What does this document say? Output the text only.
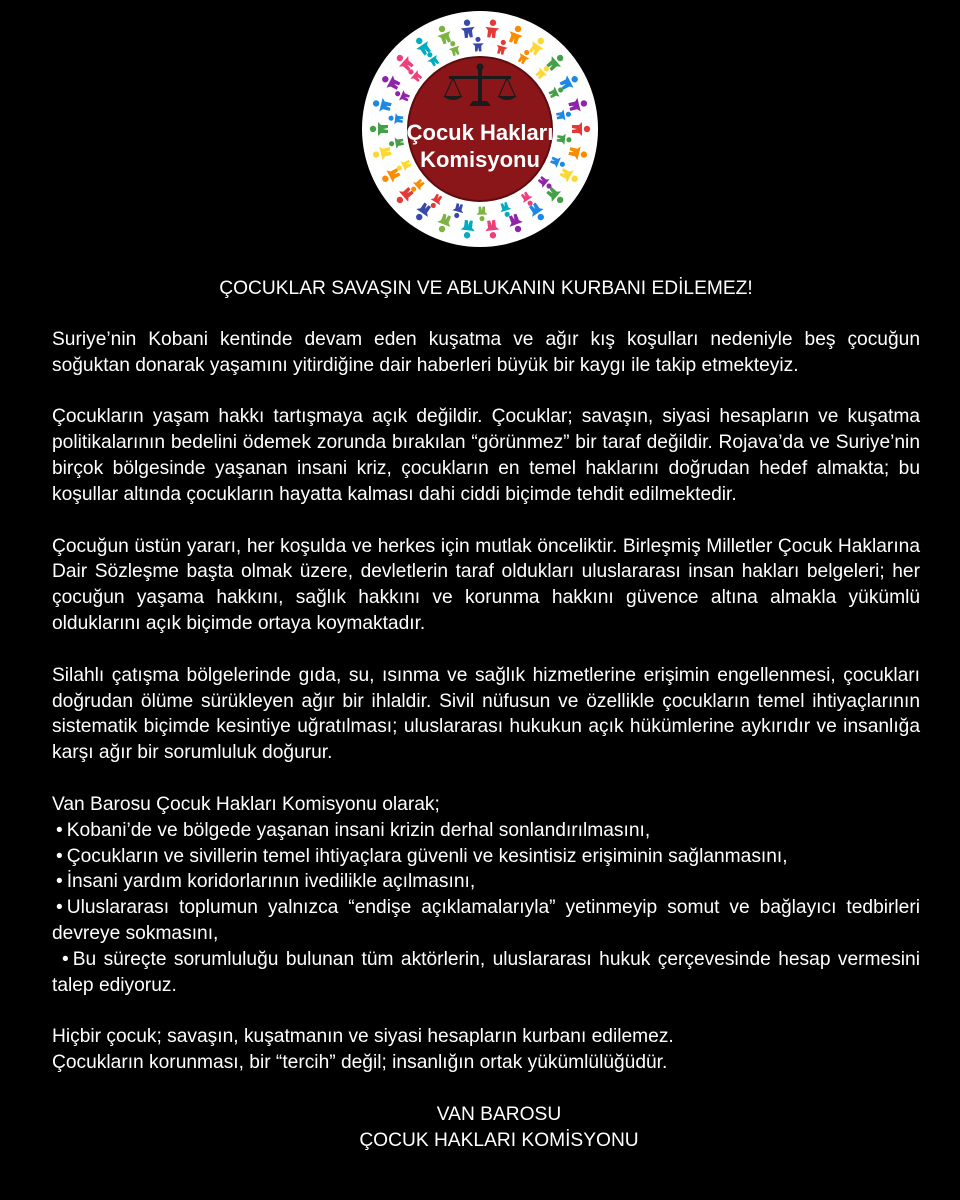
Çocuk Hakları
Komisyonu
ÇOCUKLAR SAVAŞIN VE ABLUKANIN KURBANI EDİLEMEZ!
Suriye’nin Kobani kentinde devam eden kuşatma ve ağır kış koşulları nedeniyle beş çocuğun soğuktan donarak yaşamını yitirdiğine dair haberleri büyük bir kaygı ile takip etmekteyiz.
Çocukların yaşam hakkı tartışmaya açık değildir. Çocuklar; savaşın, siyasi hesapların ve kuşatma politikalarının bedelini ödemek zorunda bırakılan “görünmez” bir taraf değildir. Rojava’da ve Suriye’nin birçok bölgesinde yaşanan insani kriz, çocukların en temel haklarını doğrudan hedef almakta; bu koşullar altında çocukların hayatta kalması dahi ciddi biçimde tehdit edilmektedir.
Çocuğun üstün yararı, her koşulda ve herkes için mutlak önceliktir. Birleşmiş Milletler Çocuk Haklarına Dair Sözleşme başta olmak üzere, devletlerin taraf oldukları uluslararası insan hakları belgeleri; her çocuğun yaşama hakkını, sağlık hakkını ve korunma hakkını güvence altına almakla yükümlü olduklarını açık biçimde ortaya koymaktadır.
Silahlı çatışma bölgelerinde gıda, su, ısınma ve sağlık hizmetlerine erişimin engellenmesi, çocukları doğrudan ölüme sürükleyen ağır bir ihlaldir. Sivil nüfusun ve özellikle çocukların temel ihtiyaçlarının sistematik biçimde kesintiye uğratılması; uluslararası hukukun açık hükümlerine aykırıdır ve insanlığa karşı ağır bir sorumluluk doğurur.
Van Barosu Çocuk Hakları Komisyonu olarak;
• Kobani’de ve bölgede yaşanan insani krizin derhal sonlandırılmasını,
• Çocukların ve sivillerin temel ihtiyaçlara güvenli ve kesintisiz erişiminin sağlanmasını,
• İnsani yardım koridorlarının ivedilikle açılmasını,
• Uluslararası toplumun yalnızca “endişe açıklamalarıyla” yetinmeyip somut ve bağlayıcı tedbirleri devreye sokmasını,
• Bu süreçte sorumluluğu bulunan tüm aktörlerin, uluslararası hukuk çerçevesinde hesap vermesini talep ediyoruz.
Hiçbir çocuk; savaşın, kuşatmanın ve siyasi hesapların kurbanı edilemez.
Çocukların korunması, bir “tercih” değil; insanlığın ortak yükümlülüğüdür.
VAN BAROSU
ÇOCUK HAKLARI KOMİSYONU
